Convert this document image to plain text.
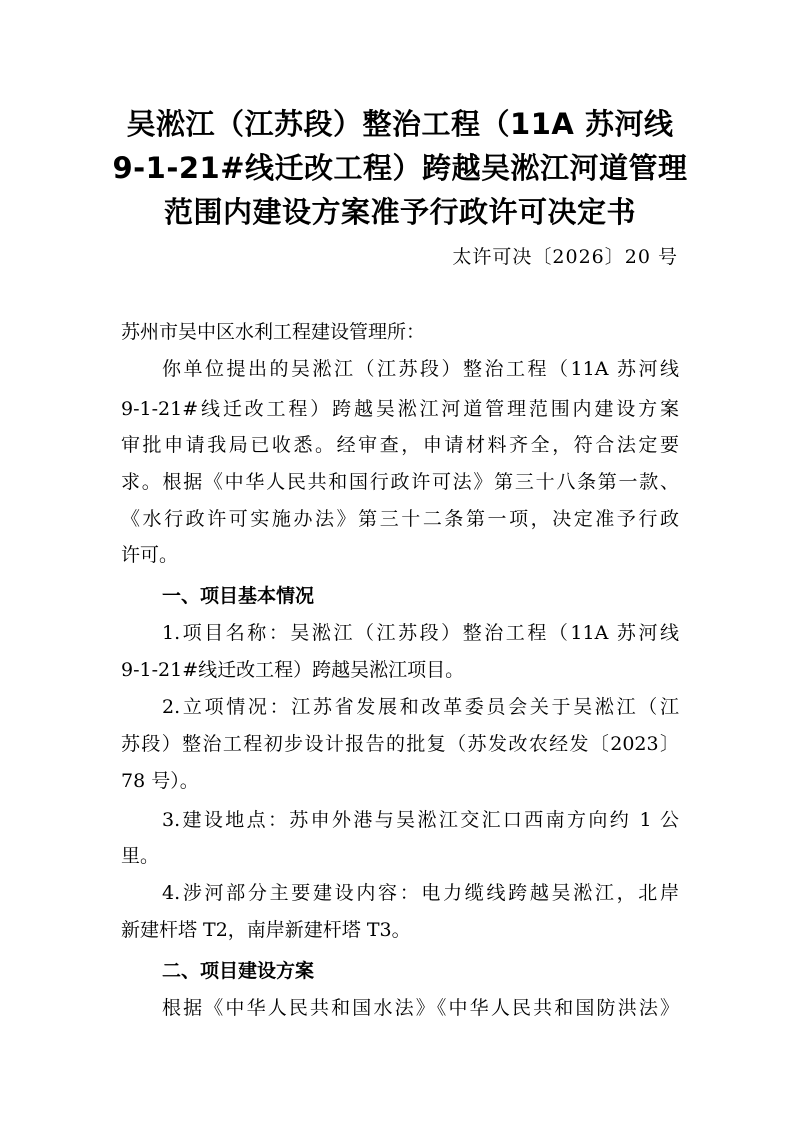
吴淞江（江苏段）整治工程（11A 苏河线
9-1-21#线迁改工程）跨越吴淞江河道管理
范围内建设方案准予行政许可决定书
太许可决〔2026〕20 号
苏州市吴中区水利工程建设管理所：
你单位提出的吴淞江（江苏段）整治工程（11A 苏河线
9-1-21#线迁改工程）跨越吴淞江河道管理范围内建设方案
审批申请我局已收悉。经审查，申请材料齐全，符合法定要
求。根据《中华人民共和国行政许可法》第三十八条第一款、
《水行政许可实施办法》第三十二条第一项，决定准予行政
许可。
一、项目基本情况
1.项目名称：吴淞江（江苏段）整治工程（11A 苏河线
9-1-21#线迁改工程）跨越吴淞江项目。
2.立项情况：江苏省发展和改革委员会关于吴淞江（江
苏段）整治工程初步设计报告的批复（苏发改农经发〔2023〕
78 号）。
3.建设地点：苏申外港与吴淞江交汇口西南方向约 1 公
里。
4.涉河部分主要建设内容：电力缆线跨越吴淞江，北岸
新建杆塔 T2，南岸新建杆塔 T3。
二、项目建设方案
根据《中华人民共和国水法》《中华人民共和国防洪法》
